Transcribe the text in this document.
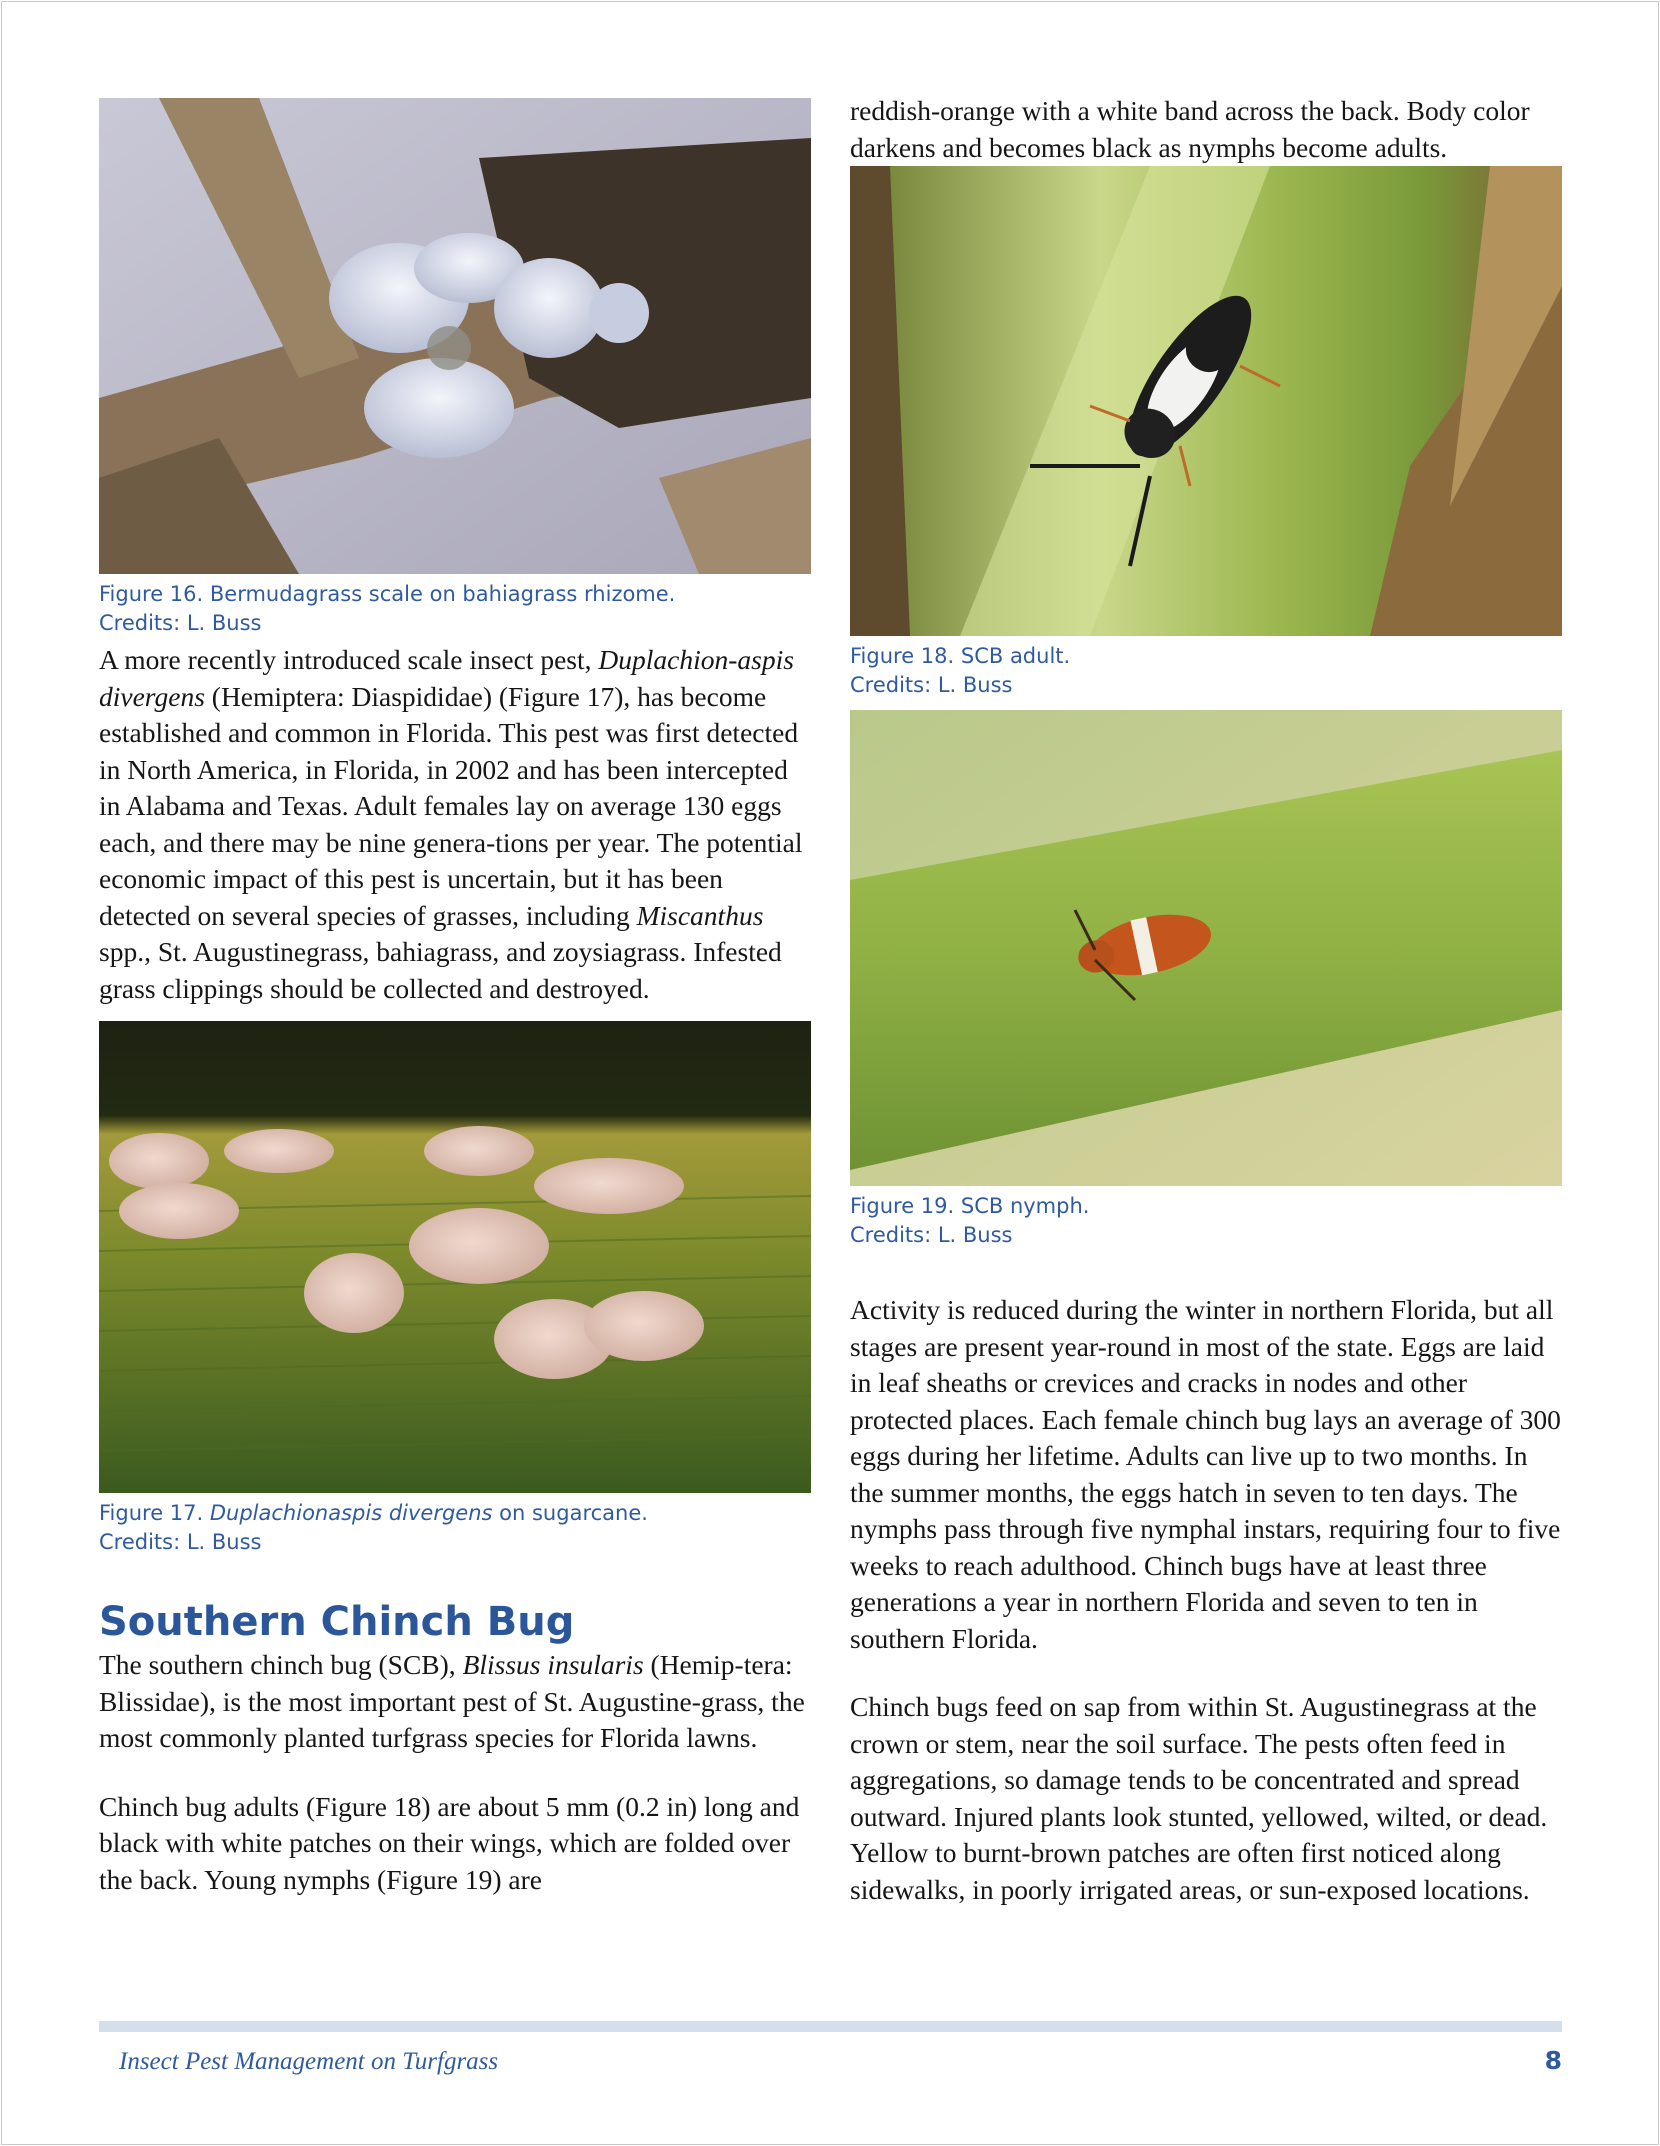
Figure 16. Bermudagrass scale on bahiagrass rhizome.
Credits: L. Buss

A more recently introduced scale insect pest, Duplachion-aspis divergens (Hemiptera: Diaspididae) (Figure 17), has become established and common in Florida. This pest was first detected in North America, in Florida, in 2002 and has been intercepted in Alabama and Texas. Adult females lay on average 130 eggs each, and there may be nine genera-tions per year. The potential economic impact of this pest is uncertain, but it has been detected on several species of grasses, including Miscanthus spp., St. Augustinegrass, bahiagrass, and zoysiagrass. Infested grass clippings should be collected and destroyed.

Figure 17. Duplachionaspis divergens on sugarcane.
Credits: L. Buss
Southern Chinch Bug

The southern chinch bug (SCB), Blissus insularis (Hemip-tera: Blissidae), is the most important pest of St. Augustine-grass, the most commonly planted turfgrass species for Florida lawns.

Chinch bug adults (Figure 18) are about 5 mm (0.2 in) long and black with white patches on their wings, which are folded over the back. Young nymphs (Figure 19) are

reddish-orange with a white band across the back. Body color darkens and becomes black as nymphs become adults.

Figure 18. SCB adult.
Credits: L. Buss
Figure 19. SCB nymph.
Credits: L. Buss

Activity is reduced during the winter in northern Florida, but all stages are present year-round in most of the state. Eggs are laid in leaf sheaths or crevices and cracks in nodes and other protected places. Each female chinch bug lays an average of 300 eggs during her lifetime. Adults can live up to two months. In the summer months, the eggs hatch in seven to ten days. The nymphs pass through five nymphal instars, requiring four to five weeks to reach adulthood. Chinch bugs have at least three generations a year in northern Florida and seven to ten in southern Florida.

Chinch bugs feed on sap from within St. Augustinegrass at the crown or stem, near the soil surface. The pests often feed in aggregations, so damage tends to be concentrated and spread outward. Injured plants look stunted, yellowed, wilted, or dead. Yellow to burnt-brown patches are often first noticed along sidewalks, in poorly irrigated areas, or sun-exposed locations.

Insect Pest Management on Turfgrass	8
